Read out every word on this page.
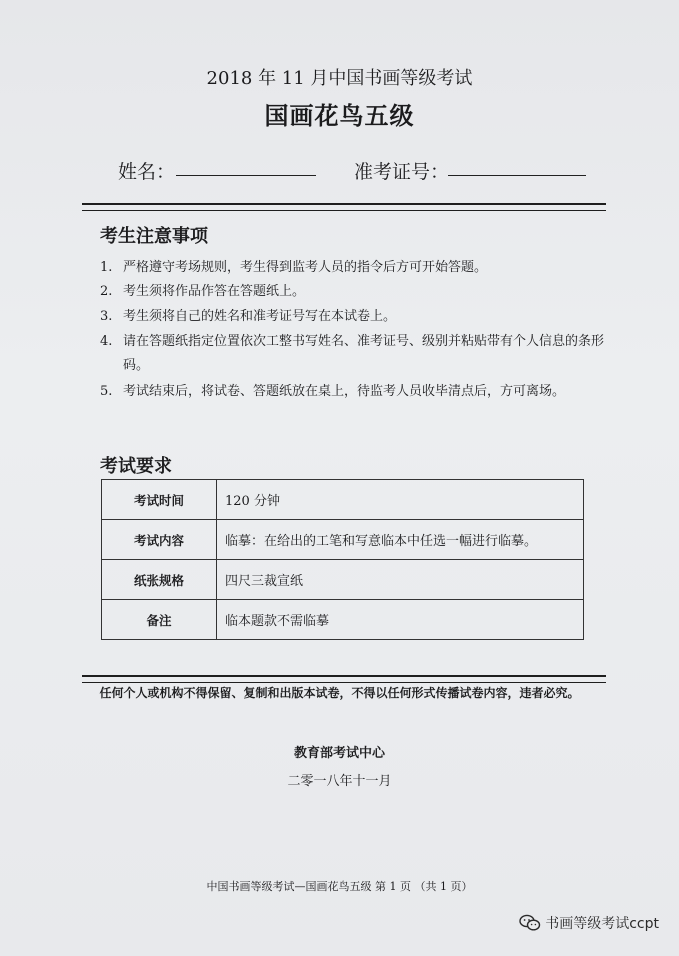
2018 年 11 月中国书画等级考试
国画花鸟五级
姓名：	准考证号：
考生注意事项
1. 严格遵守考场规则，考生得到监考人员的指令后方可开始答题。
2. 考生须将作品作答在答题纸上。
3. 考生须将自己的姓名和准考证号写在本试卷上。
4. 请在答题纸指定位置依次工整书写姓名、准考证号、级别并粘贴带有个人信息的条形码。
5. 考试结束后，将试卷、答题纸放在桌上，待监考人员收毕清点后，方可离场。
考试要求
考试时间	120 分钟
考试内容	临摹：在给出的工笔和写意临本中任选一幅进行临摹。
纸张规格	四尺三裁宣纸
备注	临本题款不需临摹
任何个人或机构不得保留、复制和出版本试卷，不得以任何形式传播试卷内容，违者必究。
教育部考试中心
二零一八年十一月
中国书画等级考试—国画花鸟五级 第 1 页 （共 1 页）
书画等级考试ccpt
